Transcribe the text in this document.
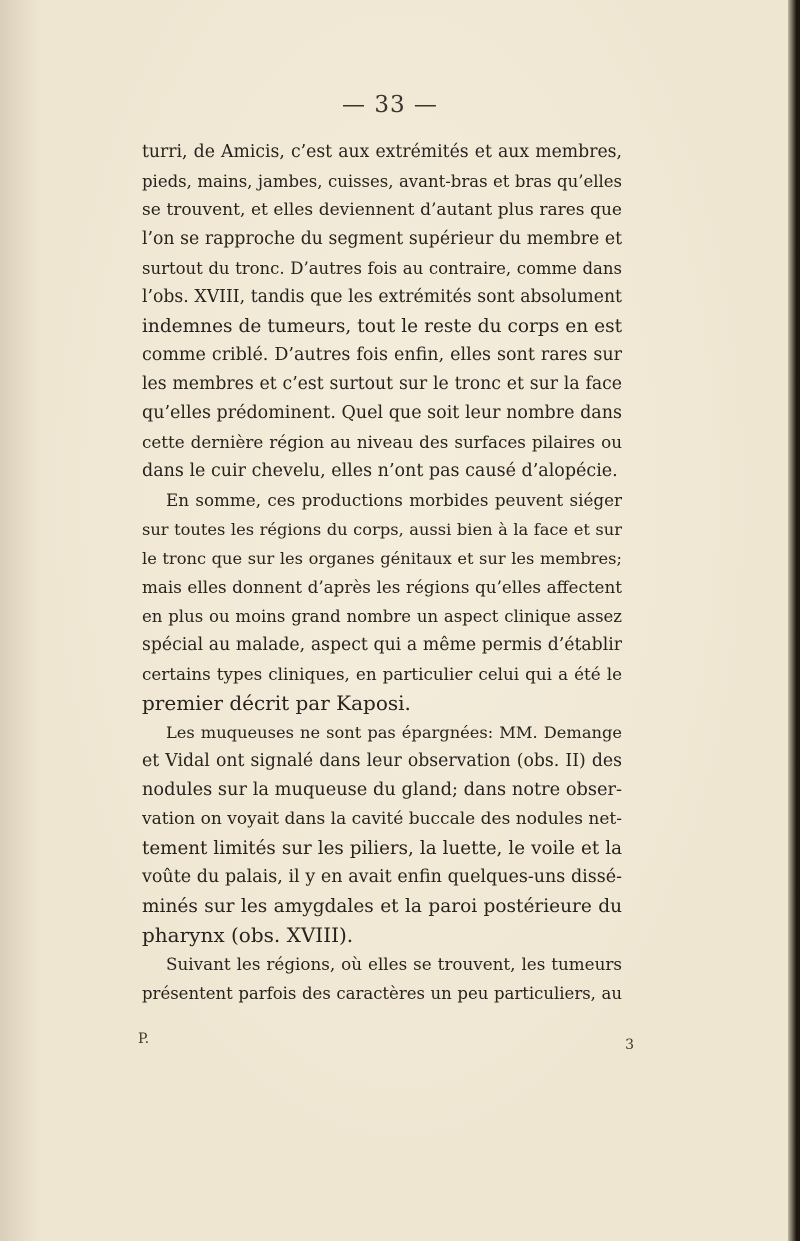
— 33 —
turri, de Amicis, c’est aux extrémités et aux membres,
pieds, mains, jambes, cuisses, avant-bras et bras qu’elles
se trouvent, et elles deviennent d’autant plus rares que
l’on se rapproche du segment supérieur du membre et
surtout du tronc. D’autres fois au contraire, comme dans
l’obs. XVIII, tandis que les extrémités sont absolument
indemnes de tumeurs, tout le reste du corps en est
comme criblé. D’autres fois enfin, elles sont rares sur
les membres et c’est surtout sur le tronc et sur la face
qu’elles prédominent. Quel que soit leur nombre dans
cette dernière région au niveau des surfaces pilaires ou
dans le cuir chevelu, elles n’ont pas causé d’alopécie.
En somme, ces productions morbides peuvent siéger
sur toutes les régions du corps, aussi bien à la face et sur
le tronc que sur les organes génitaux et sur les membres;
mais elles donnent d’après les régions qu’elles affectent
en plus ou moins grand nombre un aspect clinique assez
spécial au malade, aspect qui a même permis d’établir
certains types cliniques, en particulier celui qui a été le
premier décrit par Kaposi.
Les muqueuses ne sont pas épargnées: MM. Demange
et Vidal ont signalé dans leur observation (obs. II) des
nodules sur la muqueuse du gland; dans notre obser-
vation on voyait dans la cavité buccale des nodules net-
tement limités sur les piliers, la luette, le voile et la
voûte du palais, il y en avait enfin quelques-uns dissé-
minés sur les amygdales et la paroi postérieure du
pharynx (obs. XVIII).
Suivant les régions, où elles se trouvent, les tumeurs
présentent parfois des caractères un peu particuliers, au
P.	3
